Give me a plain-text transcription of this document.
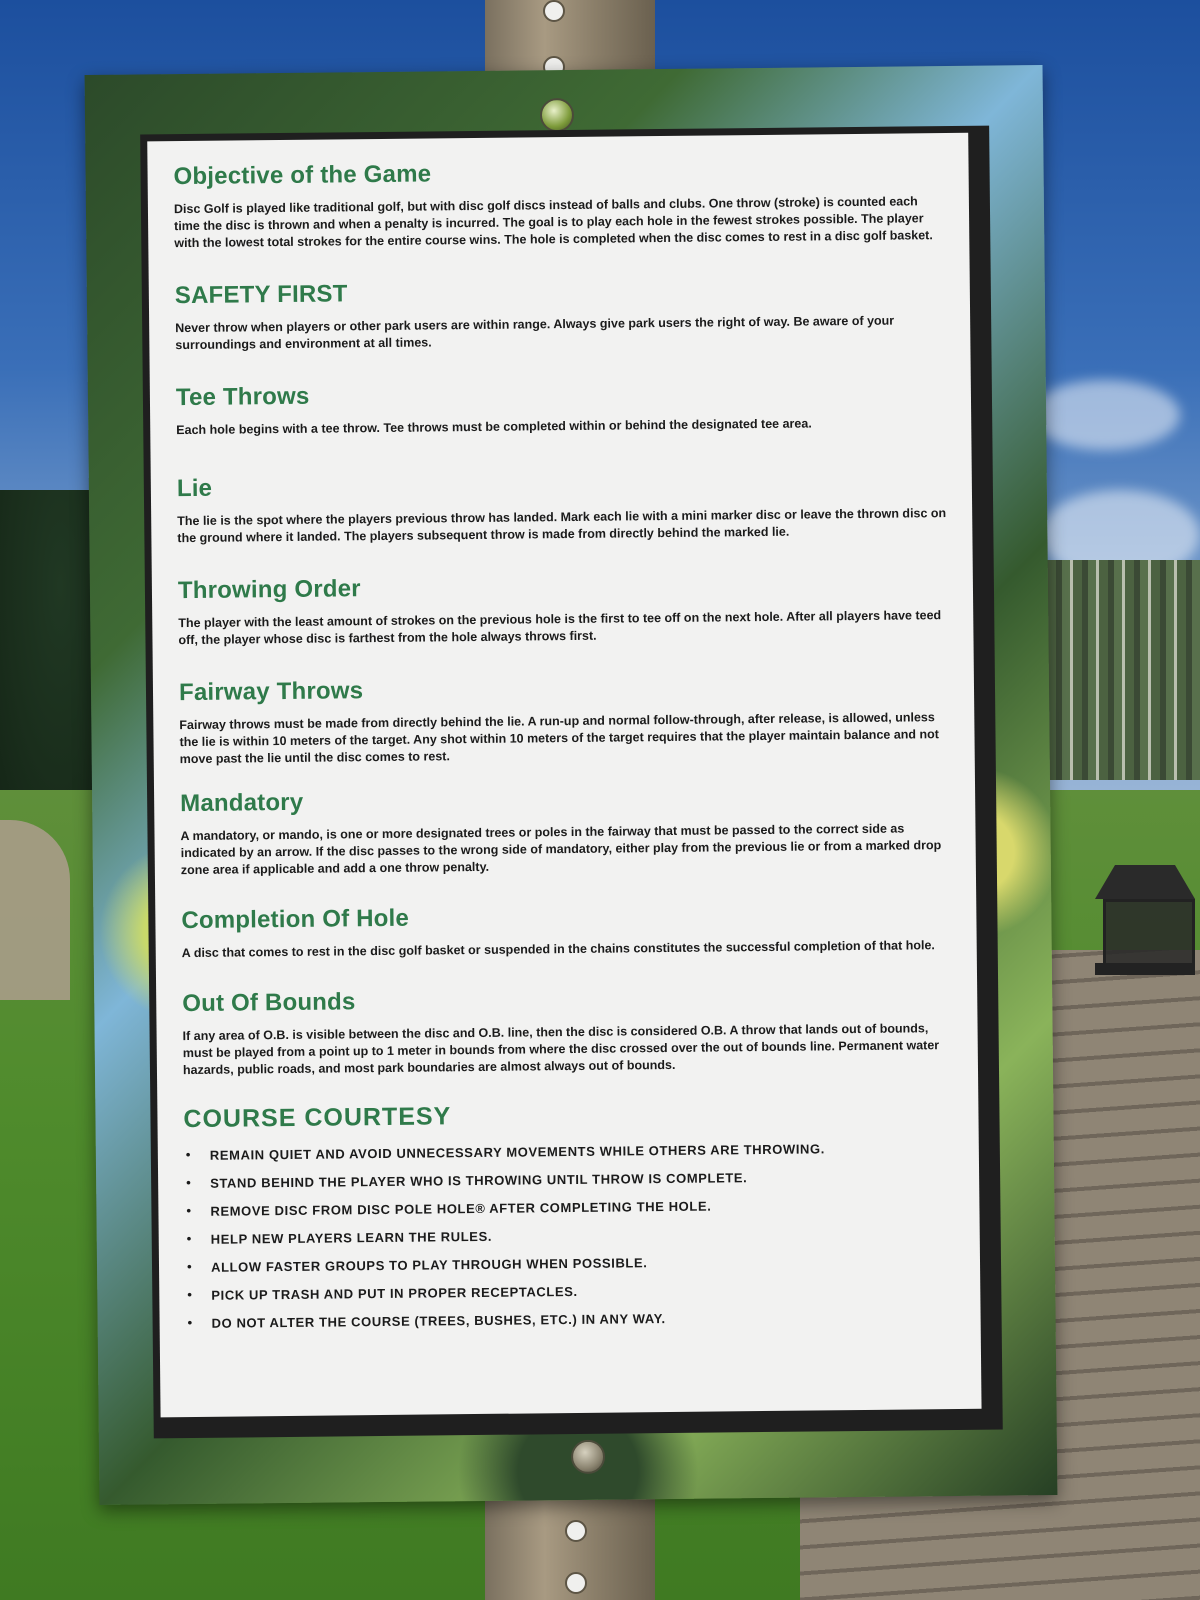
Objective of the Game

Disc Golf is played like traditional golf, but with disc golf discs instead of balls and clubs. One throw (stroke) is counted each time the disc is thrown and when a penalty is incurred. The goal is to play each hole in the fewest strokes possible. The player with the lowest total strokes for the entire course wins. The hole is completed when the disc comes to rest in a disc golf basket.

SAFETY FIRST

Never throw when players or other park users are within range. Always give park users the right of way. Be aware of your surroundings and environment at all times.

Tee Throws

Each hole begins with a tee throw. Tee throws must be completed within or behind the designated tee area.

Lie

The lie is the spot where the players previous throw has landed. Mark each lie with a mini marker disc or leave the thrown disc on the ground where it landed. The players subsequent throw is made from directly behind the marked lie.

Throwing Order

The player with the least amount of strokes on the previous hole is the first to tee off on the next hole. After all players have teed off, the player whose disc is farthest from the hole always throws first.

Fairway Throws

Fairway throws must be made from directly behind the lie. A run-up and normal follow-through, after release, is allowed, unless the lie is within 10 meters of the target. Any shot within 10 meters of the target requires that the player maintain balance and not move past the lie until the disc comes to rest.

Mandatory

A mandatory, or mando, is one or more designated trees or poles in the fairway that must be passed to the correct side as indicated by an arrow. If the disc passes to the wrong side of mandatory, either play from the previous lie or from a marked drop zone area if applicable and add a one throw penalty.

Completion Of Hole

A disc that comes to rest in the disc golf basket or suspended in the chains constitutes the successful completion of that hole.

Out Of Bounds

If any area of O.B. is visible between the disc and O.B. line, then the disc is considered O.B. A throw that lands out of bounds, must be played from a point up to 1 meter in bounds from where the disc crossed over the out of bounds line. Permanent water hazards, public roads, and most park boundaries are almost always out of bounds.

COURSE COURTESY
• REMAIN QUIET AND AVOID UNNECESSARY MOVEMENTS WHILE OTHERS ARE THROWING.
• STAND BEHIND THE PLAYER WHO IS THROWING UNTIL THROW IS COMPLETE.
• REMOVE DISC FROM DISC POLE HOLE® AFTER COMPLETING THE HOLE.
• HELP NEW PLAYERS LEARN THE RULES.
• ALLOW FASTER GROUPS TO PLAY THROUGH WHEN POSSIBLE.
• PICK UP TRASH AND PUT IN PROPER RECEPTACLES.
• DO NOT ALTER THE COURSE (TREES, BUSHES, ETC.) IN ANY WAY.
